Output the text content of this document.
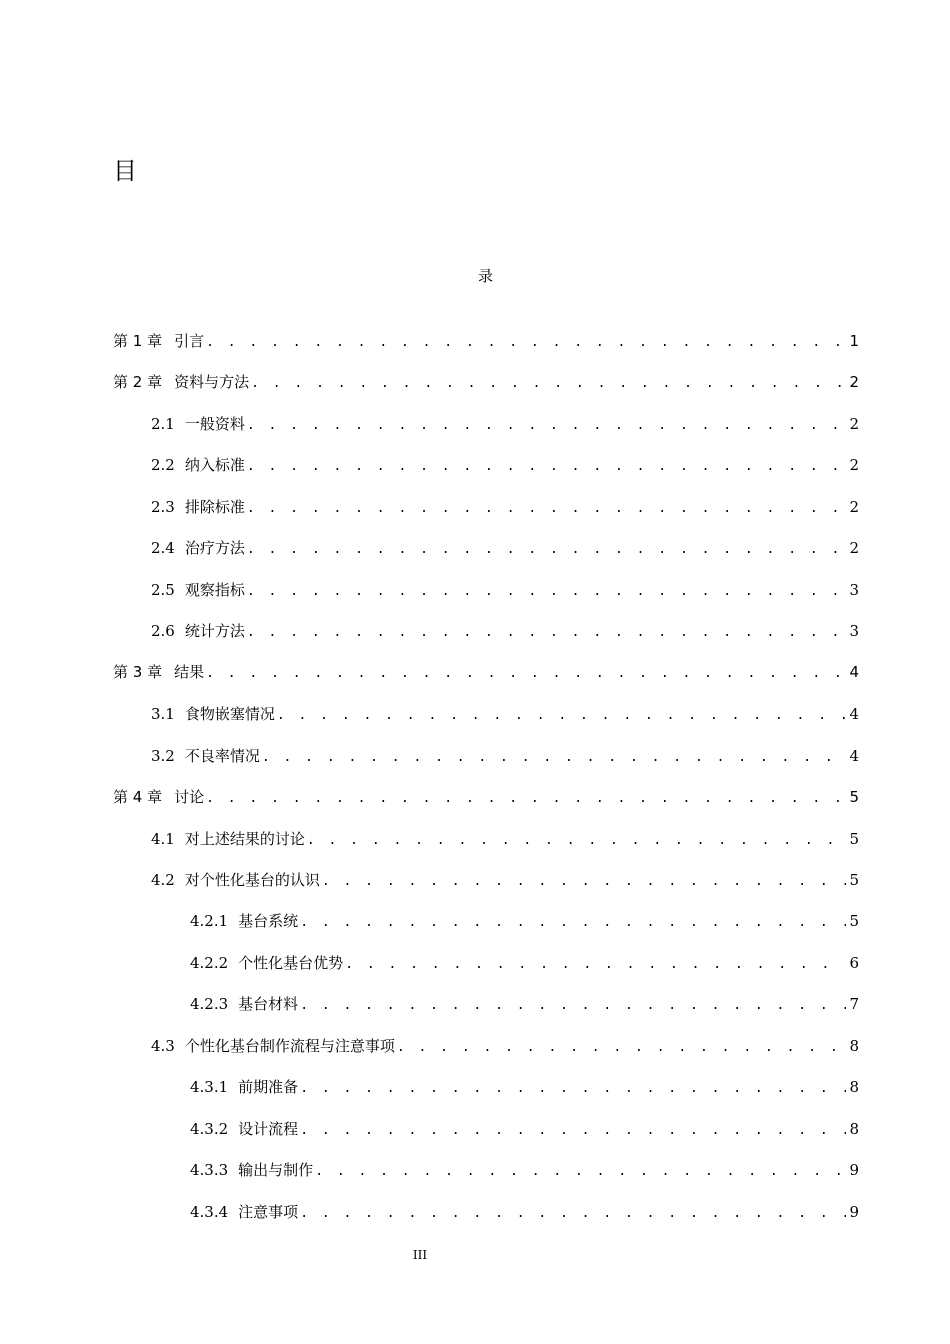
目
录
第 1 章 引言 . . .	1
第 2 章 资料与方法 . . .	2
2.1 一般资料 . . .	2
2.2 纳入标准 . . .	2
2.3 排除标准 . . .	2
2.4 治疗方法 . . .	2
2.5 观察指标 . . .	3
2.6 统计方法 . . .	3
第 3 章 结果 . . .	4
3.1 食物嵌塞情况 . . .	4
3.2 不良率情况 . . .	4
第 4 章 讨论 . . .	5
4.1 对上述结果的讨论 . . .	5
4.2 对个性化基台的认识 . . .	5
4.2.1 基台系统 . . .	5
4.2.2 个性化基台优势 . . .	6
4.2.3 基台材料 . . .	7
4.3 个性化基台制作流程与注意事项 . . .	8
4.3.1 前期准备 . . .	8
4.3.2 设计流程 . . .	8
4.3.3 输出与制作 . . .	9
4.3.4 注意事项 . . .	9
III
